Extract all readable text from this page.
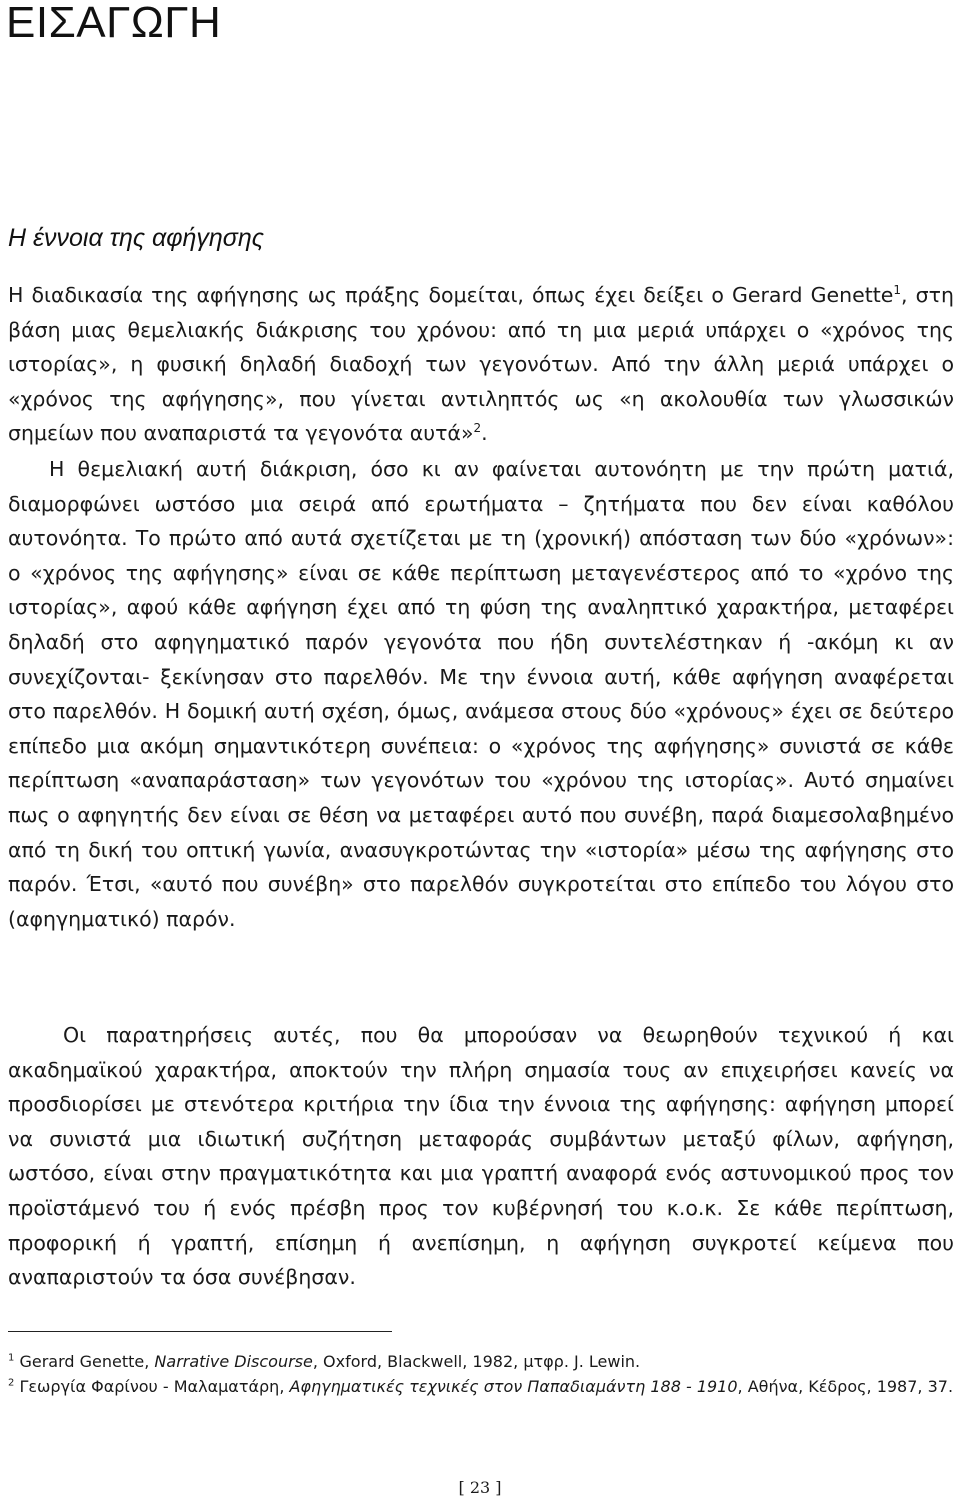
ΕΙΣΑΓΩΓΗ
Η έννοια της αφήγησης

Η διαδικασία της αφήγησης ως πράξης δομείται, όπως έχει δείξει ο Gerard Genette$^1$, στη βάση μιας θεμελιακής διάκρισης του χρόνου: από τη μια μεριά υπάρχει ο «χρόνος της ιστορίας», η φυσική δηλαδή διαδοχή των γεγονότων. Από την άλλη μεριά υπάρχει ο «χρόνος της αφήγησης», που γίνεται αντιληπτός ως «η ακολουθία των γλωσσικών σημείων που αναπαριστά τα γεγονότα αυτά»$^2$.

Η θεμελιακή αυτή διάκριση, όσο κι αν φαίνεται αυτονόητη με την πρώτη ματιά, διαμορφώνει ωστόσο μια σειρά από ερωτήματα – ζητήματα που δεν είναι καθόλου αυτονόητα. Το πρώτο από αυτά σχετίζεται με τη (χρονική) απόσταση των δύο «χρόνων»: ο «χρόνος της αφήγησης» είναι σε κάθε περίπτωση μεταγενέστερος από το «χρόνο της ιστορίας», αφού κάθε αφήγηση έχει από τη φύση της αναληπτικό χαρακτήρα, μεταφέρει δηλαδή στο αφηγηματικό παρόν γεγονότα που ήδη συντελέστηκαν ή -ακόμη κι αν συνεχίζονται- ξεκίνησαν στο παρελθόν. Με την έννοια αυτή, κάθε αφήγηση αναφέρεται στο παρελθόν. Η δομική αυτή σχέση, όμως, ανάμεσα στους δύο «χρόνους» έχει σε δεύτερο επίπεδο μια ακόμη σημαντικότερη συνέπεια: ο «χρόνος της αφήγησης» συνιστά σε κάθε περίπτωση «αναπαράσταση» των γεγονότων του «χρόνου της ιστορίας». Αυτό σημαίνει πως ο αφηγητής δεν είναι σε θέση να μεταφέρει αυτό που συνέβη, παρά διαμεσολαβημένο από τη δική του οπτική γωνία, ανασυγκροτώντας την «ιστορία» μέσω της αφήγησης στο παρόν. Έτσι, «αυτό που συνέβη» στο παρελθόν συγκροτείται στο επίπεδο του λόγου στο (αφηγηματικό) παρόν.

Οι παρατηρήσεις αυτές, που θα μπορούσαν να θεωρηθούν τεχνικού ή και ακαδημαϊκού χαρακτήρα, αποκτούν την πλήρη σημασία τους αν επιχειρήσει κανείς να προσδιορίσει με στενότερα κριτήρια την ίδια την έννοια της αφήγησης: αφήγηση μπορεί να συνιστά μια ιδιωτική συζήτηση μεταφοράς συμβάντων μεταξύ φίλων, αφήγηση, ωστόσο, είναι στην πραγματικότητα και μια γραπτή αναφορά ενός αστυνομικού προς τον προϊστάμενό του ή ενός πρέσβη προς τον κυβέρνησή του κ.ο.κ. Σε κάθε περίπτωση, προφορική ή γραπτή, επίσημη ή ανεπίσημη, η αφήγηση συγκροτεί κείμενα που αναπαριστούν τα όσα συνέβησαν.

$^1$ Gerard Genette, Narrative Discourse, Oxford, Blackwell, 1982, μτφρ. J. Lewin.

$^2$ Γεωργία Φαρίνου - Μαλαματάρη, Αφηγηματικές τεχνικές στον Παπαδιαμάντη 188 - 1910, Αθήνα, Κέδρος, 1987, 37.

[ 23 ]
